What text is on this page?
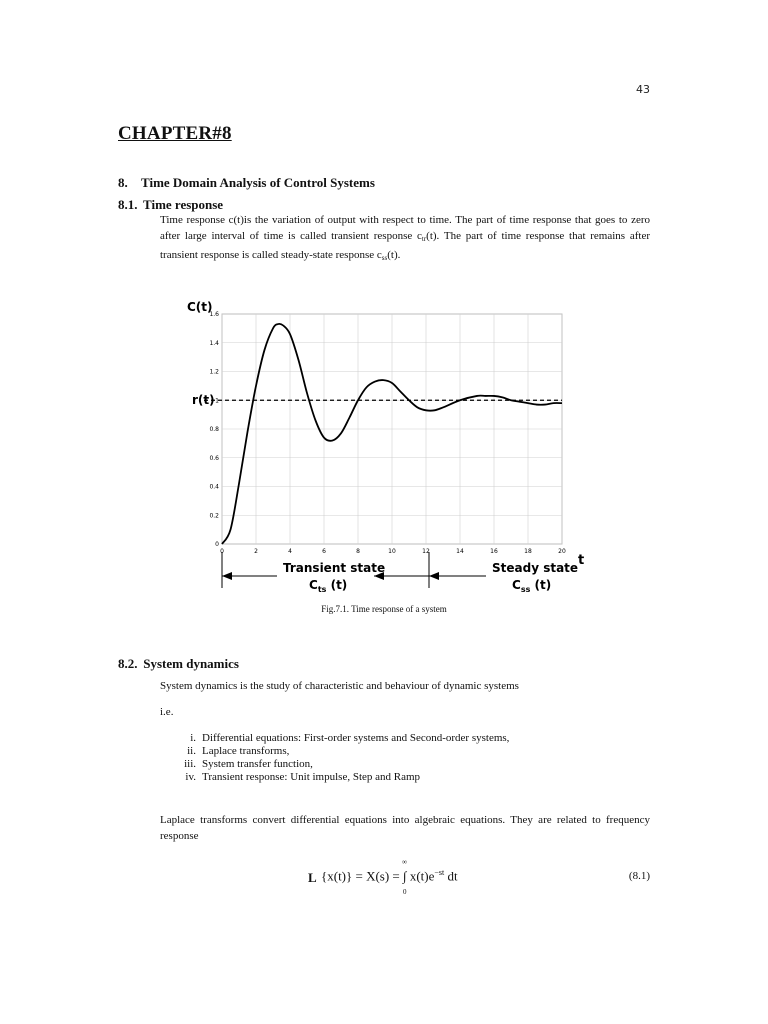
43
CHAPTER#8
8. Time Domain Analysis of Control Systems
8.1. Time response
Time response c(t)is the variation of output with respect to time. The part of time response that goes to zero after large interval of time is called transient response $c_{tr}(t)$. The part of time response that remains after transient response is called steady-state response $c_{ss}(t)$.
0	2	4	6	8	10	12	14	16	18	20
0
0.2
0.4
0.6
0.8
1
1.2
1.4
1.6
C(t)
r(t)
t
Transient state
$C_{ts}$ (t)
Steady state
$C_{ss}$ (t)
Fig.7.1. Time response of a system
8.2. System dynamics
System dynamics is the study of characteristic and behaviour of dynamic systems
i.e.
i. Differential equations: First-order systems and Second-order systems,
ii. Laplace transforms,
iii. System transfer function,
iv. Transient response: Unit impulse, Step and Ramp
Laplace transforms convert differential equations into algebraic equations. They are related to frequency response
L
∞
0
{x(t)} = X(s) = ∫ $x(t)e^{-st}$ dt	(8.1)
